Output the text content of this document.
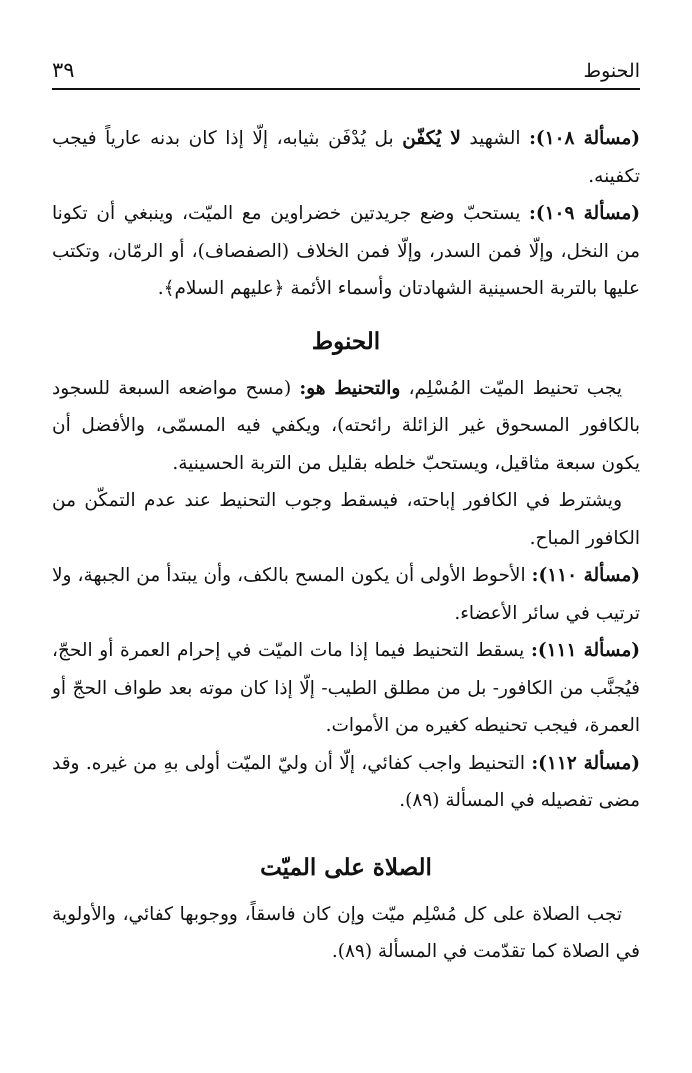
الحنوط
٣٩

(مسألة ١٠٨): الشهيد لا يُكفّن بل يُدْفَن بثيابه، إلّا إذا كان بدنه عارياً فيجب تكفينه.

(مسألة ١٠٩): يستحبّ وضع جريدتين خضراوين مع الميّت، وينبغي أن تكونا من النخل، وإلّا فمن السدر، وإلّا فمن الخلاف (الصفصاف)، أو الرمّان، وتكتب عليها بالتربة الحسينية الشهادتان وأسماء الأئمة ﴿عليهم السلام﴾.

الحنوط

يجب تحنيط الميّت المُسْلِم، والتحنيط هو: (مسح مواضعه السبعة للسجود بالكافور المسحوق غير الزائلة رائحته)، ويكفي فيه المسمّى، والأفضل أن يكون سبعة مثاقيل، ويستحبّ خلطه بقليل من التربة الحسينية.

ويشترط في الكافور إباحته، فيسقط وجوب التحنيط عند عدم التمكّن من الكافور المباح.

(مسألة ١١٠): الأحوط الأولى أن يكون المسح بالكف، وأن يبتدأ من الجبهة، ولا ترتيب في سائر الأعضاء.

(مسألة ١١١): يسقط التحنيط فيما إذا مات الميّت في إحرام العمرة أو الحجّ، فيُجنَّب من الكافور- بل من مطلق الطيب- إلّا إذا كان موته بعد طواف الحجّ أو العمرة، فيجب تحنيطه كغيره من الأموات.

(مسألة ١١٢): التحنيط واجب كفائي، إلّا أن وليّ الميّت أولى بهِ من غيره. وقد مضى تفصيله في المسألة (٨٩).

الصلاة على الميّت

تجب الصلاة على كل مُسْلِم ميّت وإن كان فاسقاً، ووجوبها كفائي، والأولوية في الصلاة كما تقدّمت في المسألة (٨٩).
